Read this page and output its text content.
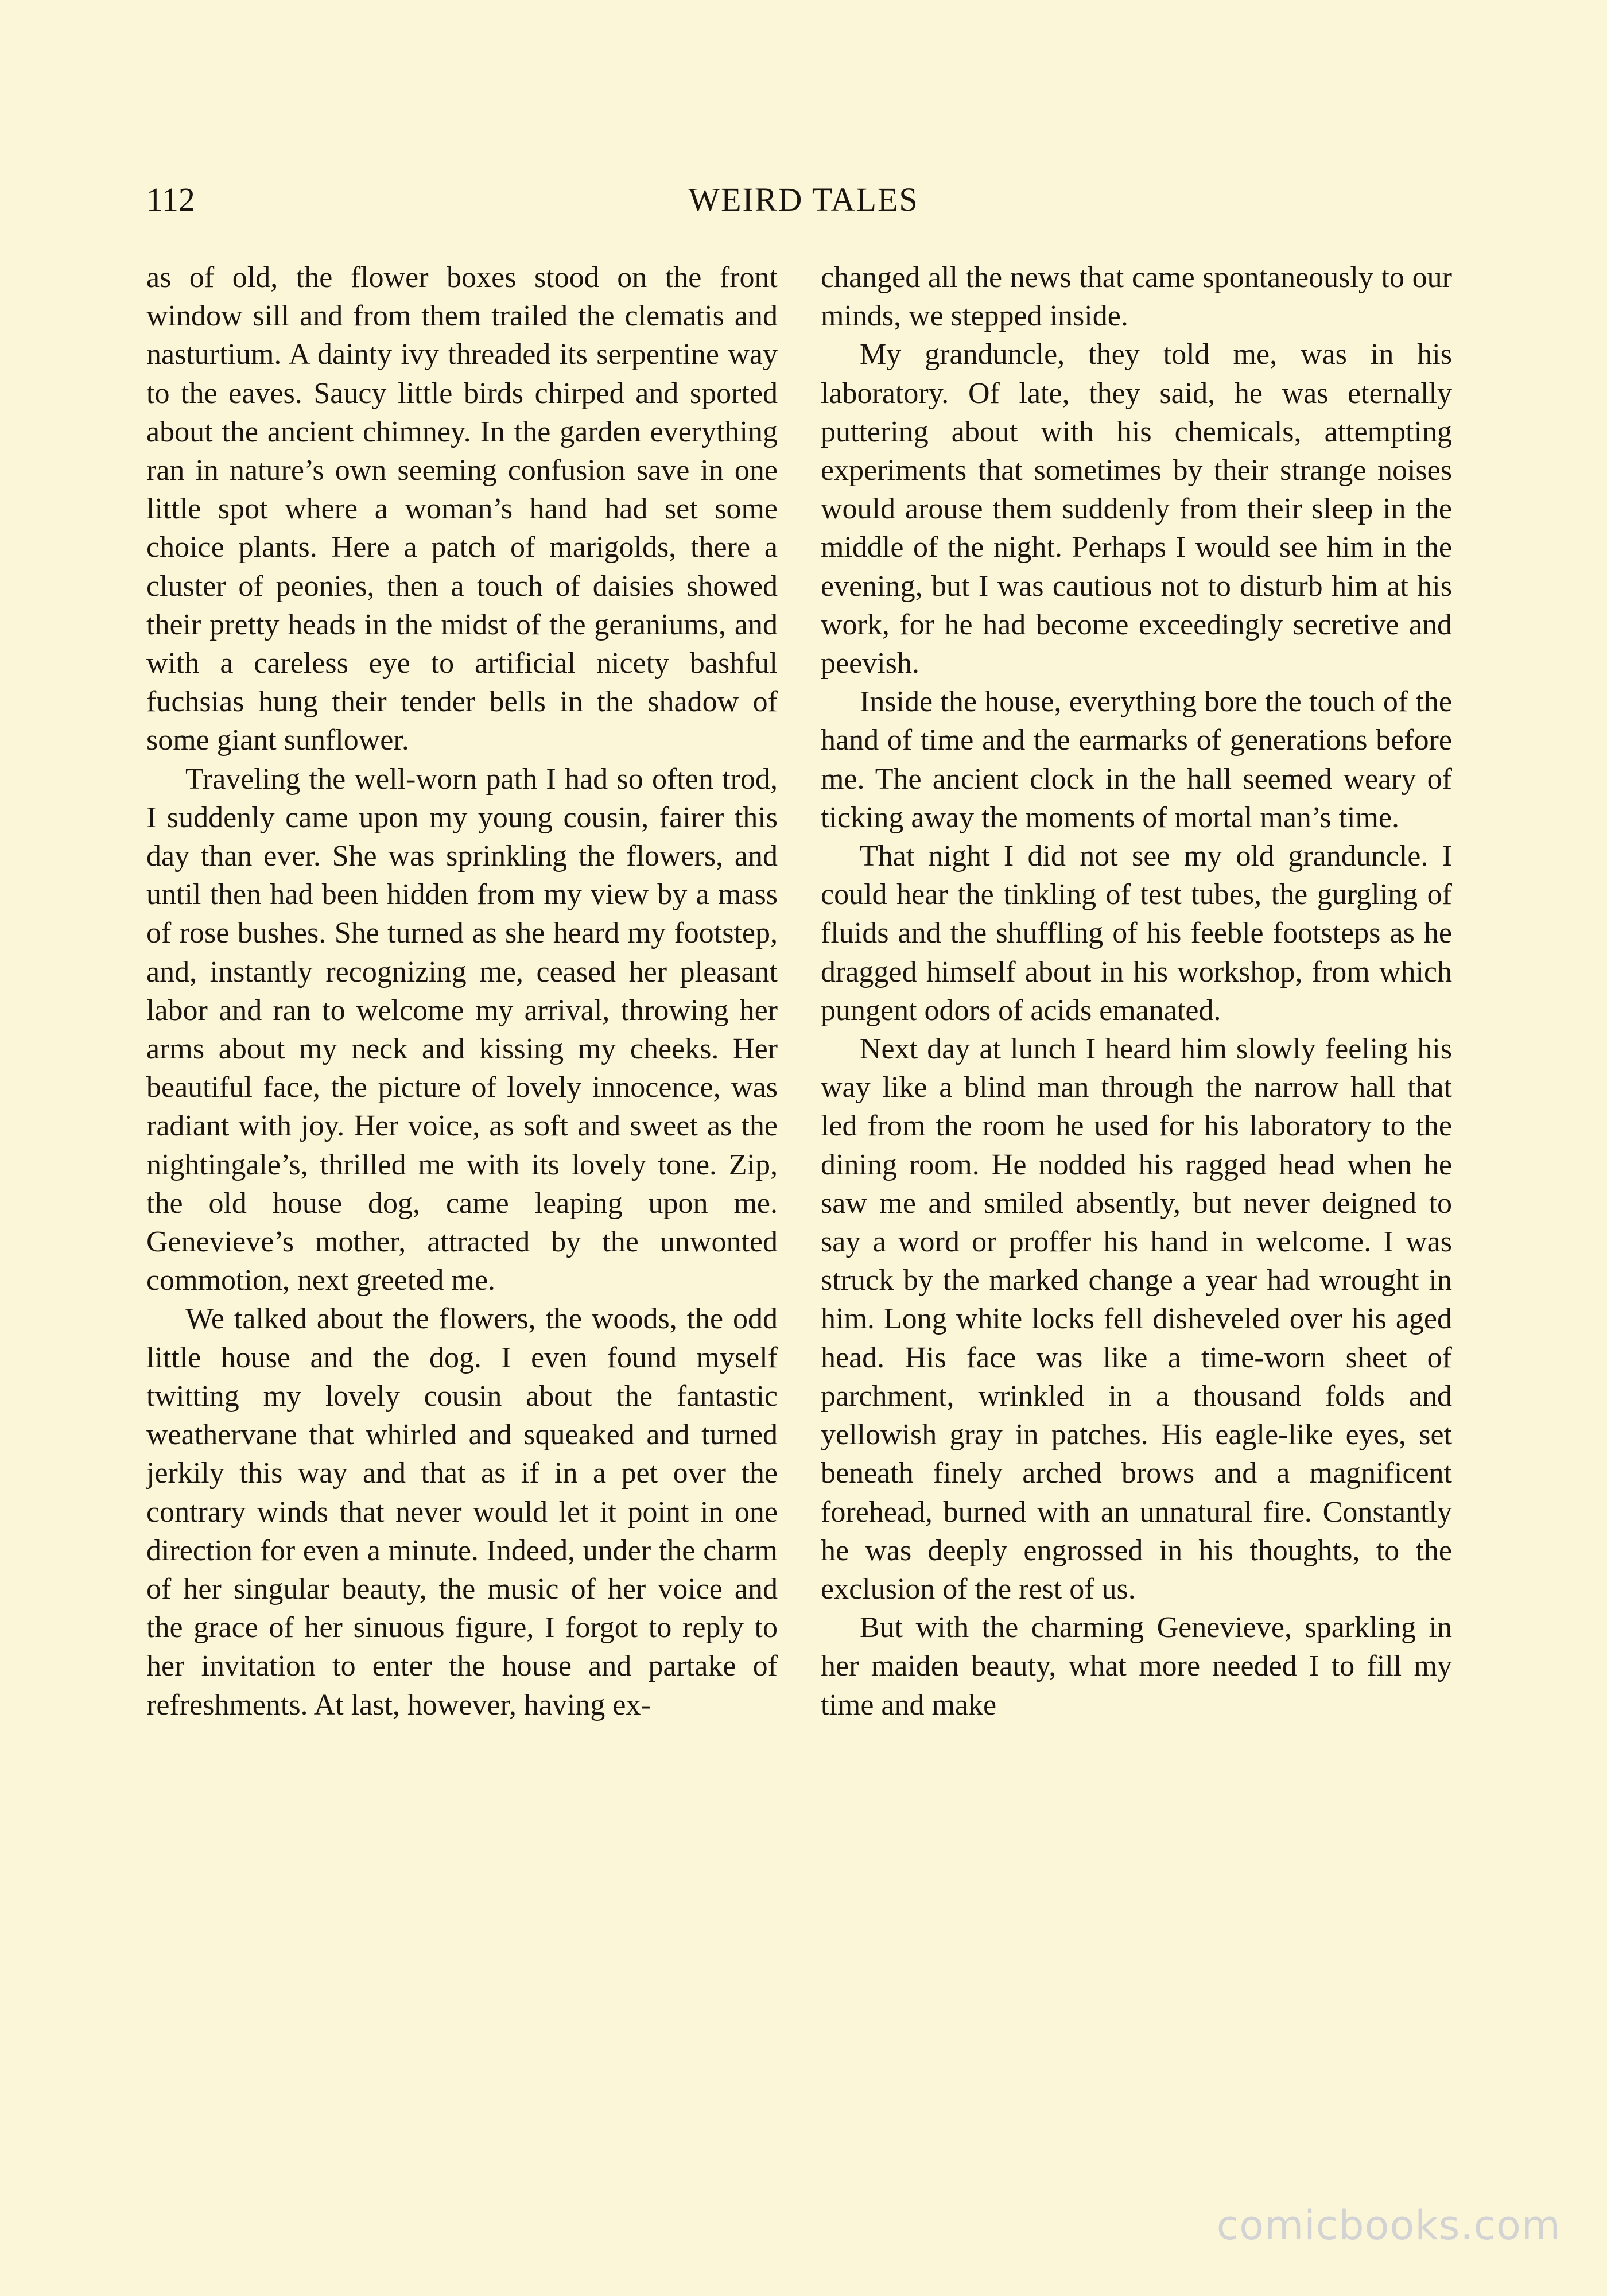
112	WEIRD TALES

as of old, the flower boxes stood on the front window sill and from them trailed the clematis and nasturtium. A dainty ivy threaded its serpentine way to the eaves. Saucy little birds chirped and sported about the ancient chimney. In the garden everything ran in nature’s own seeming confusion save in one little spot where a woman’s hand had set some choice plants. Here a patch of marigolds, there a cluster of peonies, then a touch of daisies showed their pretty heads in the midst of the geraniums, and with a careless eye to artificial nicety bashful fuchsias hung their tender bells in the shadow of some giant sunflower.

Traveling the well-worn path I had so often trod, I suddenly came upon my young cousin, fairer this day than ever. She was sprinkling the flowers, and until then had been hidden from my view by a mass of rose bushes. She turned as she heard my footstep, and, instantly recognizing me, ceased her pleasant labor and ran to welcome my arrival, throwing her arms about my neck and kissing my cheeks. Her beautiful face, the picture of lovely innocence, was radiant with joy. Her voice, as soft and sweet as the nightingale’s, thrilled me with its lovely tone. Zip, the old house dog, came leaping upon me. Genevieve’s mother, attracted by the unwonted commotion, next greeted me.

We talked about the flowers, the woods, the odd little house and the dog. I even found myself twitting my lovely cousin about the fantastic weathervane that whirled and squeaked and turned jerkily this way and that as if in a pet over the contrary winds that never would let it point in one direction for even a minute. Indeed, under the charm of her singular beauty, the music of her voice and the grace of her sinuous figure, I forgot to reply to her invitation to enter the house and partake of refreshments. At last, however, having ex-

changed all the news that came spontaneously to our minds, we stepped inside.

My granduncle, they told me, was in his laboratory. Of late, they said, he was eternally puttering about with his chemicals, attempting experiments that sometimes by their strange noises would arouse them suddenly from their sleep in the middle of the night. Perhaps I would see him in the evening, but I was cautious not to disturb him at his work, for he had become exceedingly secretive and peevish.

Inside the house, everything bore the touch of the hand of time and the earmarks of generations before me. The ancient clock in the hall seemed weary of ticking away the moments of mortal man’s time.

That night I did not see my old granduncle. I could hear the tinkling of test tubes, the gurgling of fluids and the shuffling of his feeble footsteps as he dragged himself about in his workshop, from which pungent odors of acids emanated.

Next day at lunch I heard him slowly feeling his way like a blind man through the narrow hall that led from the room he used for his laboratory to the dining room. He nodded his ragged head when he saw me and smiled absently, but never deigned to say a word or proffer his hand in welcome. I was struck by the marked change a year had wrought in him. Long white locks fell disheveled over his aged head. His face was like a time-worn sheet of parchment, wrinkled in a thousand folds and yellowish gray in patches. His eagle-like eyes, set beneath finely arched brows and a magnificent forehead, burned with an unnatural fire. Constantly he was deeply engrossed in his thoughts, to the exclusion of the rest of us.

But with the charming Genevieve, sparkling in her maiden beauty, what more needed I to fill my time and make

comicbooks.com
